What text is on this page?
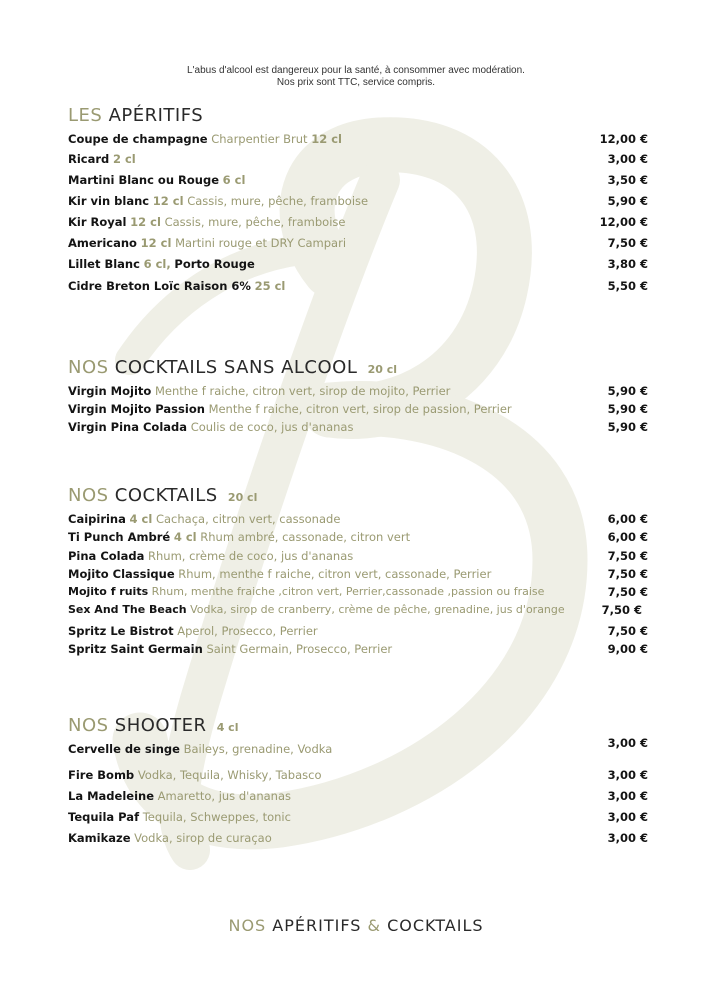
L'abus d'alcool est dangereux pour la santé, à consommer avec modération.
Nos prix sont TTC, service compris.
LES APÉRITIFS
Coupe de champagne Charpentier Brut 12 cl	12,00 €
Ricard 2 cl	3,00 €
Martini Blanc ou Rouge 6 cl	3,50 €
Kir vin blanc 12 cl Cassis, mure, pêche, framboise	5,90 €
Kir Royal 12 cl Cassis, mure, pêche, framboise	12,00 €
Americano 12 cl Martini rouge et DRY Campari	7,50 €
Lillet Blanc 6 cl, Porto Rouge	3,80 €
Cidre Breton Loïc Raison 6% 25 cl	5,50 €
NOS COCKTAILS SANS ALCOOL 20 cl
Virgin Mojito Menthe f raiche, citron vert, sirop de mojito, Perrier	5,90 €
Virgin Mojito Passion Menthe f raiche, citron vert, sirop de passion, Perrier	5,90 €
Virgin Pina Colada Coulis de coco, jus d'ananas	5,90 €
NOS COCKTAILS 20 cl
Caipirina 4 cl Cachaça, citron vert, cassonade	6,00 €
Ti Punch Ambré 4 cl Rhum ambré, cassonade, citron vert	6,00 €
Pina Colada Rhum, crème de coco, jus d'ananas	7,50 €
Mojito Classique Rhum, menthe f raiche, citron vert, cassonade, Perrier	7,50 €
Mojito f ruits Rhum, menthe fraiche ,citron vert, Perrier,cassonade ,passion ou fraise	7,50 €
Sex And The Beach Vodka, sirop de cranberry, crème de pêche, grenadine, jus d'orange	7,50 €
Spritz Le Bistrot Aperol, Prosecco, Perrier	7,50 €
Spritz Saint Germain Saint Germain, Prosecco, Perrier	9,00 €
NOS SHOOTER 4 cl
Cervelle de singe Baileys, grenadine, Vodka	3,00 €
Fire Bomb Vodka, Tequila, Whisky, Tabasco	3,00 €
La Madeleine Amaretto, jus d'ananas	3,00 €
Tequila Paf Tequila, Schweppes, tonic	3,00 €
Kamikaze Vodka, sirop de curaçao	3,00 €
NOS APÉRITIFS & COCKTAILS
